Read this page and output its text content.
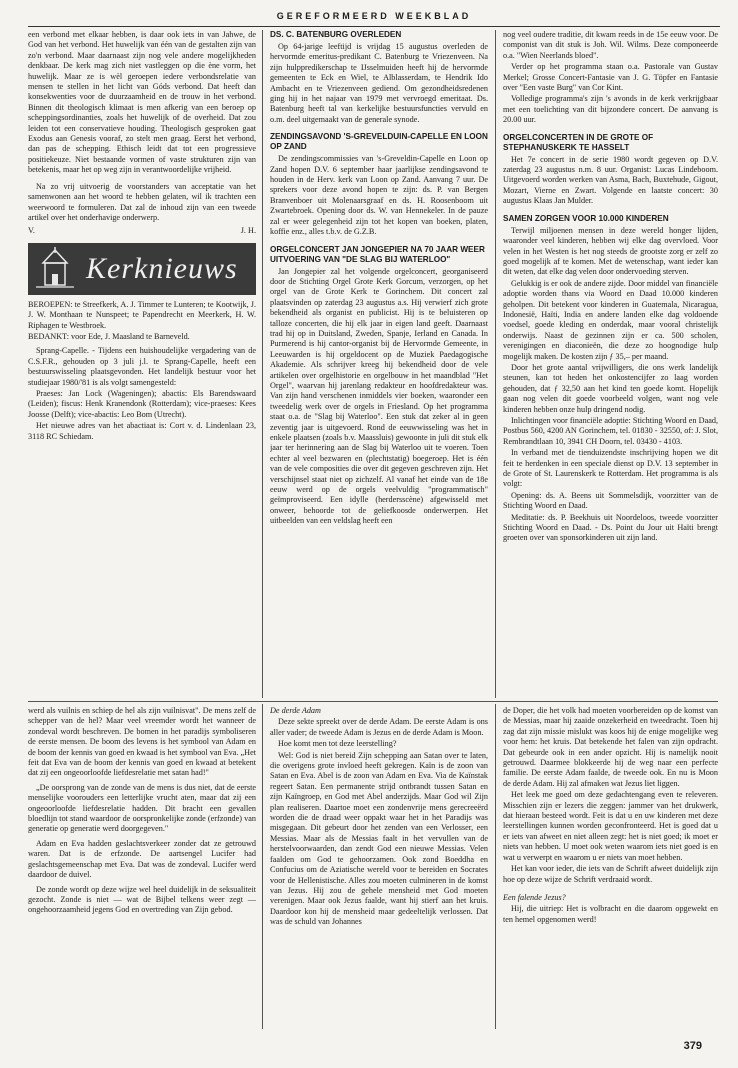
GEREFORMEERD WEEKBLAD

een verbond met elkaar hebben, is daar ook iets in van Jahwe, de God van het verbond. Het huwelijk van één van de gestalten zijn van zo'n verbond. Maar daarnaast zijn nog vele andere mogelijkheden denkbaar. De kerk mag zich niet vastleggen op die ène vorm, het huwelijk. Maar ze is wèl geroepen iedere verbondsrelatie van mensen te stellen in het licht van Góds verbond. Dat heeft dan konsekwenties voor de duurzaamheid en de trouw in het verbond. Binnen dit theologisch klimaat is men afkerig van een beroep op scheppingsordinanties, zoals het huwelijk of de overheid. Dat zou leiden tot een conservatieve houding. Theologisch gesproken gaat Exodus aan Genesis vooraf, zo stelt men graag. Eerst het verbond, dan pas de schepping. Ethisch leidt dat tot een progressieve positiekeuze. Niet bestaande vormen of vaste strukturen zijn van betekenis, maar het op weg zijn in verantwoordelijke vrijheid.

Na zo vrij uitvoerig de voorstanders van acceptatie van het samenwonen aan het woord te hebben gelaten, wil ik trachten een weerwoord te formuleren. Dat zal de inhoud zijn van een tweede artikel over het onderhavige onderwerp.

V.	J. H.
Kerknieuws

BEROEPEN: te Streefkerk, A. J. Timmer te Lunteren; te Kootwijk, J. J. W. Monthaan te Nunspeet; te Papendrecht en Meerkerk, H. W. Riphagen te Westbroek.

BEDANKT: voor Ede, J. Maasland te Barneveld.

Sprang-Capelle. - Tijdens een huishoudelijke vergadering van de C.S.F.R., gehouden op 3 juli j.l. te Sprang-Capelle, heeft een bestuurswisseling plaatsgevonden. Het landelijk bestuur voor het studiejaar 1980/'81 is als volgt samengesteld:

Praeses: Jan Lock (Wageningen); abactis: Els Barendswaard (Leiden); fiscus: Henk Kranendonk (Rotterdam); vice-praeses: Kees Joosse (Delft); vice-abactis: Leo Bom (Utrecht).

Het nieuwe adres van het abactiaat is: Cort v. d. Lindenlaan 23, 3118 RC Schiedam.

DS. C. BATENBURG OVERLEDEN

Op 64-jarige leeftijd is vrijdag 15 augustus overleden de hervormde emeritus-predikant C. Batenburg te Vriezenveen. Na zijn hulppredikerschap te IJsselmuiden heeft hij de hervormde gemeenten te Eck en Wiel, te Alblasserdam, te Hendrik Ido Ambacht en te Vriezenveen gediend. Om gezondheidsredenen ging hij in het najaar van 1979 met vervroegd emeritaat. Ds. Batenburg heeft tal van kerkelijke bestuursfuncties vervuld en o.m. deel uitgemaakt van de generale synode.

ZENDINGSAVOND 'S-GREVELDUIN-CAPELLE EN LOON OP ZAND

De zendingscommissies van 's-Greveldin-Capelle en Loon op Zand hopen D.V. 6 september haar jaarlijkse zendingsavond te houden in de Herv. kerk van Loon op Zand. Aanvang 7 uur. De sprekers voor deze avond hopen te zijn: ds. P. van Bergen Branvenboer uit Molenaarsgraaf en ds. H. Roosenboom uit Zwartebroek. Opening door ds. W. van Hennekeler. In de pauze zal er weer gelegenheid zijn tot het kopen van boeken, platen, koffie enz., alles t.b.v. de G.Z.B.

ORGELCONCERT JAN JONGEPIER NA 70 JAAR WEER UITVOERING VAN "DE SLAG BIJ WATERLOO"

Jan Jongepier zal het volgende orgelconcert, georganiseerd door de Stichting Orgel Grote Kerk Gorcum, verzorgen, op het orgel van de Grote Kerk te Gorinchem. Dit concert zal plaatsvinden op zaterdag 23 augustus a.s. Hij verwierf zich grote bekendheid als organist en publicist. Hij is te beluisteren op talloze concerten, die hij elk jaar in eigen land geeft. Daarnaast trad hij op in Duitsland, Zweden, Spanje, Ierland en Canada. In Purmerend is hij cantor-organist bij de Hervormde Gemeente, in Leeuwarden is hij orgeldocent op de Muziek Paedagogische Akademie. Als schrijver kreeg hij bekendheid door de vele artikelen over orgelhistorie en orgelbouw in het maandblad "Het Orgel", waarvan hij jarenlang redakteur en hoofdredakteur was. Van zijn hand verschenen inmiddels vier boeken, waaronder een tweedelig werk over de orgels in Friesland. Op het programma staat o.a. de "Slag bij Waterloo". Een stuk dat zeker al in geen zeventig jaar is uitgevoerd. Rond de eeuwwisseling was het in enkele plaatsen (zoals b.v. Maassluis) gewoonte in juli dit stuk elk jaar ter herinnering aan de Slag bij Waterloo uit te voeren. Toen echter al veel bezwaren en (plechtstatig) boegeroep. Het is één van de vele composities die over dit gegeven geschreven zijn. Het verschijnsel staat niet op zichzelf. Al vanaf het einde van de 18e eeuw werd op de orgels veelvuldig "programmatisch" geïmproviseerd. Een idylle (herdersscène) afgewisseld met onweer, behoorde tot de geliefkoosde onderwerpen. Het uitbeelden van een veldslag heeft een

nog veel oudere traditie, dit kwam reeds in de 15e eeuw voor. De componist van dit stuk is Joh. Wil. Wilms. Deze componeerde o.a. "Wien Neerlands bloed".

Verder op het programma staan o.a. Pastorale van Gustav Merkel; Grosse Concert-Fantasie van J. G. Töpfer en Fantasie over "Een vaste Burg" van Cor Kint.

Volledige programma's zijn 's avonds in de kerk verkrijgbaar met een toelichting van dit bijzondere concert. De aanvang is 20.00 uur.

ORGELCONCERTEN IN DE GROTE OF STEPHANUSKERK TE HASSELT

Het 7e concert in de serie 1980 wordt gegeven op D.V. zaterdag 23 augustus n.m. 8 uur. Organist: Lucas Lindeboom. Uitgevoerd worden werken van Asma, Bach, Buxtehude, Gigout, Mozart, Vierne en Zwart. Volgende en laatste concert: 30 augustus Klaas Jan Mulder.

SAMEN ZORGEN VOOR 10.000 KINDEREN

Terwijl miljoenen mensen in deze wereld honger lijden, waaronder veel kinderen, hebben wij elke dag overvloed. Voor velen in het Westen is het nog steeds de grootste zorg er zelf zo goed mogelijk af te komen. Met de wetenschap, want ieder kan dit weten, dat elke dag velen door ondervoeding sterven.

Gelukkig is er ook de andere zijde. Door middel van financiële adoptie worden thans via Woord en Daad 10.000 kinderen geholpen. Dit betekent voor kinderen in Guatemala, Nicaragua, Indonesië, Haïti, India en andere landen elke dag voldoende voedsel, goede kleding en onderdak, maar vooral christelijk onderwijs. Naast de gezinnen zijn er ca. 500 scholen, verenigingen en diaconieën, die deze zo hoognodige hulp mogelijk maken. De kosten zijn ƒ 35,– per maand.

Door het grote aantal vrijwilligers, die ons werk landelijk steunen, kan tot heden het onkostencijfer zo laag worden gehouden, dat ƒ 32,50 aan het kind ten goede komt. Hopelijk gaan nog velen dit goede voorbeeld volgen, want nog vele kinderen hebben onze hulp dringend nodig.

Inlichtingen voor financiële adoptie: Stichting Woord en Daad, Postbus 560, 4200 AN Gorinchem, tel. 01830 - 32550, of: J. Slot, Rembrandtlaan 10, 3941 CH Doorn, tel. 03430 - 4103.

In verband met de tienduizendste inschrijving hopen we dit feit te herdenken in een speciale dienst op D.V. 13 september in de Grote of St. Laurenskerk te Rotterdam. Het programma is als volgt:

Opening: ds. A. Beens uit Sommelsdijk, voorzitter van de Stichting Woord en Daad.

Meditatie: ds. P. Beekhuis uit Noordeloos, tweede voorzitter Stichting Woord en Daad. - Ds. Point du Jour uit Haïti brengt groeten over van sponsorkinderen uit zijn land.

werd als vuilnis en schiep de hel als zijn vuilnisvat". De mens zelf de schepper van de hel? Maar veel vreemder wordt het wanneer de zondeval wordt beschreven. De bomen in het paradijs symboliseren de eerste mensen. De boom des levens is het symbool van Adam en de boom der kennis van goed en kwaad is het symbool van Eva. „Het feit dat Eva van de boom der kennis van goed en kwaad at betekent dat zij een ongeoorloofde liefdesrelatie met satan had!"

„De oorsprong van de zonde van de mens is dus niet, dat de eerste menselijke voorouders een letterlijke vrucht aten, maar dat zij een ongeoorloofde liefdesrelatie hadden. Dit bracht een gevallen bloedlijn tot stand waardoor de oorspronkelijke zonde (erfzonde) van generatie op generatie werd doorgegeven."

Adam en Eva hadden geslachtsverkeer zonder dat ze getrouwd waren. Dat is de erfzonde. De aartsengel Lucifer had geslachtsgemeenschap met Eva. Dat was de zondeval. Lucifer werd daardoor de duivel.

De zonde wordt op deze wijze wel heel duidelijk in de seksualiteit gezocht. Zonde is niet — wat de Bijbel telkens weer zegt — ongehoorzaamheid jegens God en overtreding van Zijn gebod.

De derde Adam

Deze sekte spreekt over de derde Adam. De eerste Adam is ons aller vader; de tweede Adam is Jezus en de derde Adam is Moon.

Hoe komt men tot deze leerstelling?

Wel: God is niet bereid Zijn schepping aan Satan over te laten, die overigens grote invloed heeft gekregen. Kaïn is de zoon van Satan en Eva. Abel is de zoon van Adam en Eva. Via de Kaïnstak regeert Satan. Een permanente strijd ontbrandt tussen Satan en zijn Kaïngroep, en God met Abel anderzijds. Maar God wil Zijn plan realiseren. Daartoe moet een zondenvrije mens gerecreeërd worden die de draad weer oppakt waar het in het Paradijs was misgegaan. Dit gebeurt door het zenden van een Verlosser, een Messias. Maar als de Messias faalt in het vervullen van de herstelvoorwaarden, dan zendt God een nieuwe Messias. Velen faalden om God te gehoorzamen. Ook zond Boeddha en Confucius om de Aziatische wereld voor te bereiden en Socrates voor de Hellenistische. Alles zou moeten culmineren in de komst van Jezus. Hij zou de gehele mensheid met God moeten verenigen. Maar ook Jezus faalde, want hij stierf aan het kruis. Daardoor kon hij de mensheid maar gedeeltelijk verlossen. Dat was de schuld van Johannes

de Doper, die het volk had moeten voorbereiden op de komst van de Messias, maar hij zaaide onzekerheid en tweedracht. Toen hij zag dat zijn missie mislukt was koos hij de enige mogelijke weg voor hem: het kruis. Dat betekende het falen van zijn opdracht. Dat gebeurde ook in een ander opzicht. Hij is namelijk nooit getrouwd. Daarmee blokkeerde hij de weg naar een perfecte familie. De eerste Adam faalde, de tweede ook. En nu is Moon de derde Adam. Hij zal afmaken wat Jezus liet liggen.

Het leek me goed om deze gedachtengang even te releveren. Misschien zijn er lezers die zeggen: jammer van het drukwerk, dat hieraan besteed wordt. Feit is dat u en uw kinderen met deze leerstellingen kunnen worden geconfronteerd. Het is goed dat u er iets van afweet en niet alleen zegt: het is niet goed; ik moet er niets van hebben. U moet ook weten waarom iets niet goed is en wat u verwerpt en waarom u er niets van moet hebben.

Het kan voor ieder, die iets van de Schrift afweet duidelijk zijn hoe op deze wijze de Schrift verdraaid wordt.

Een falende Jezus?

Hij, die uitriep: Het is volbracht en die daarom opgewekt en ten hemel opgenomen werd!

379
